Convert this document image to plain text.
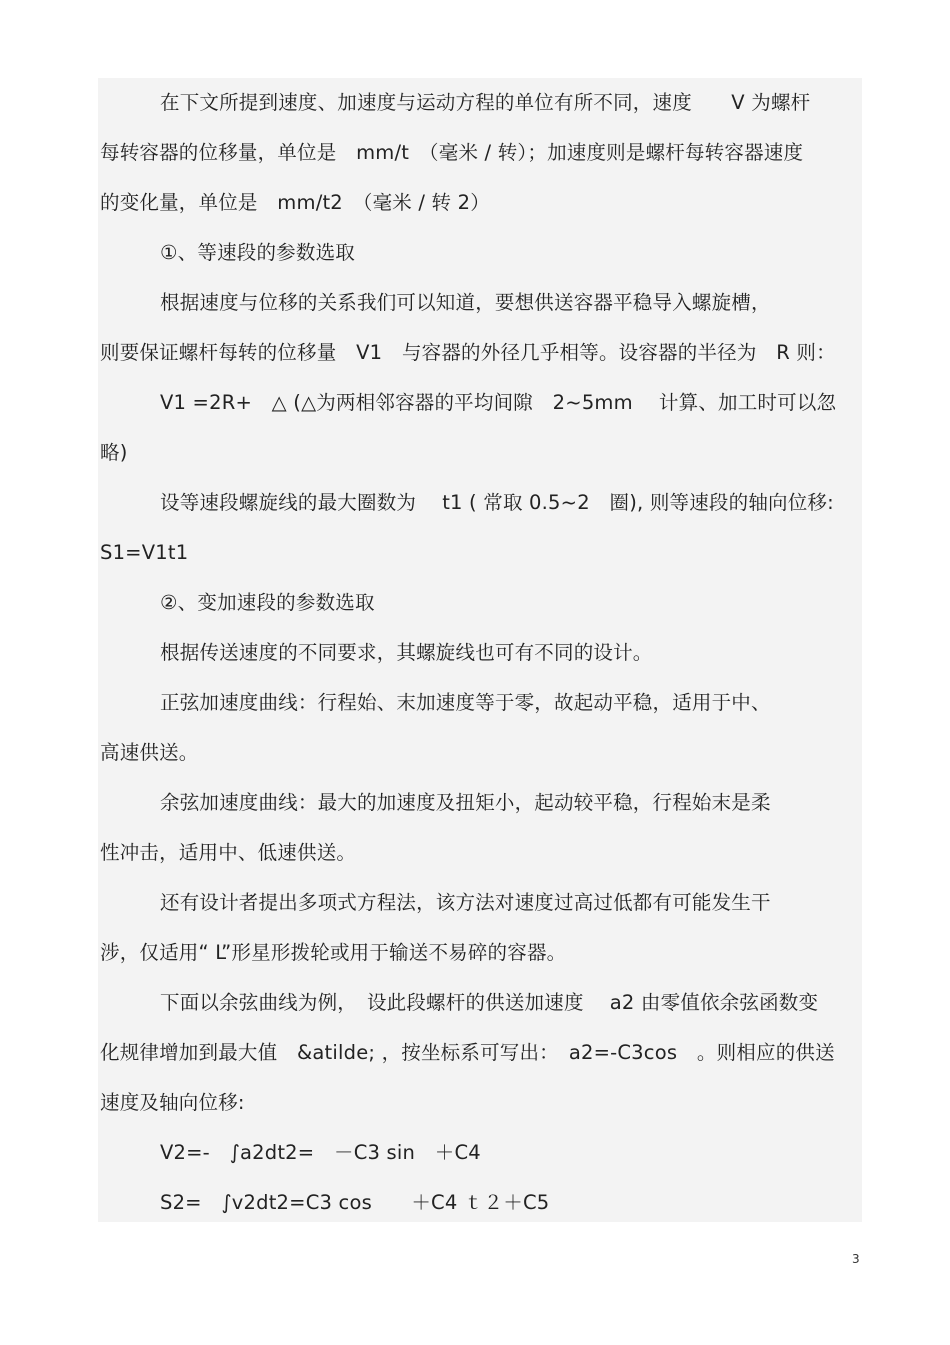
在下文所提到速度、加速度与运动方程的单位有所不同，速度　　V 为螺杆
每转容器的位移量，单位是　mm/t　（毫米 / 转）；加速度则是螺杆每转容器速度
的变化量，单位是　mm/t2　（毫米 / 转 2）
①、等速段的参数选取
根据速度与位移的关系我们可以知道，要想供送容器平稳导入螺旋槽，
则要保证螺杆每转的位移量　V1　与容器的外径几乎相等。设容器的半径为　R 则：
V1 =2R+　△ (△为两相邻容器的平均间隙　2~5mm　 计算、加工时可以忽
略)
设等速段螺旋线的最大圈数为　 t1 ( 常取 0.5~2　圈), 则等速段的轴向位移:
S1=V1t1
②、变加速段的参数选取
根据传送速度的不同要求，其螺旋线也可有不同的设计。
正弦加速度曲线：行程始、末加速度等于零，故起动平稳，适用于中、
高速供送。
余弦加速度曲线：最大的加速度及扭矩小，起动较平稳，行程始末是柔
性冲击，适用中、低速供送。
还有设计者提出多项式方程法，该方法对速度过高过低都有可能发生干
涉，仅适用“ L”形星形拨轮或用于输送不易碎的容器。
下面以余弦曲线为例，　设此段螺杆的供送加速度　 a2 由零值依余弦函数变
化规律增加到最大值　&atilde; ，按坐标系可写出：　a2=-C3cos　。则相应的供送
速度及轴向位移:
V2=-　∫a2dt2=　－C3 sin　＋C4
S2=　∫v2dt2=C3 cos　　＋C4 ｔ２＋C5
3
